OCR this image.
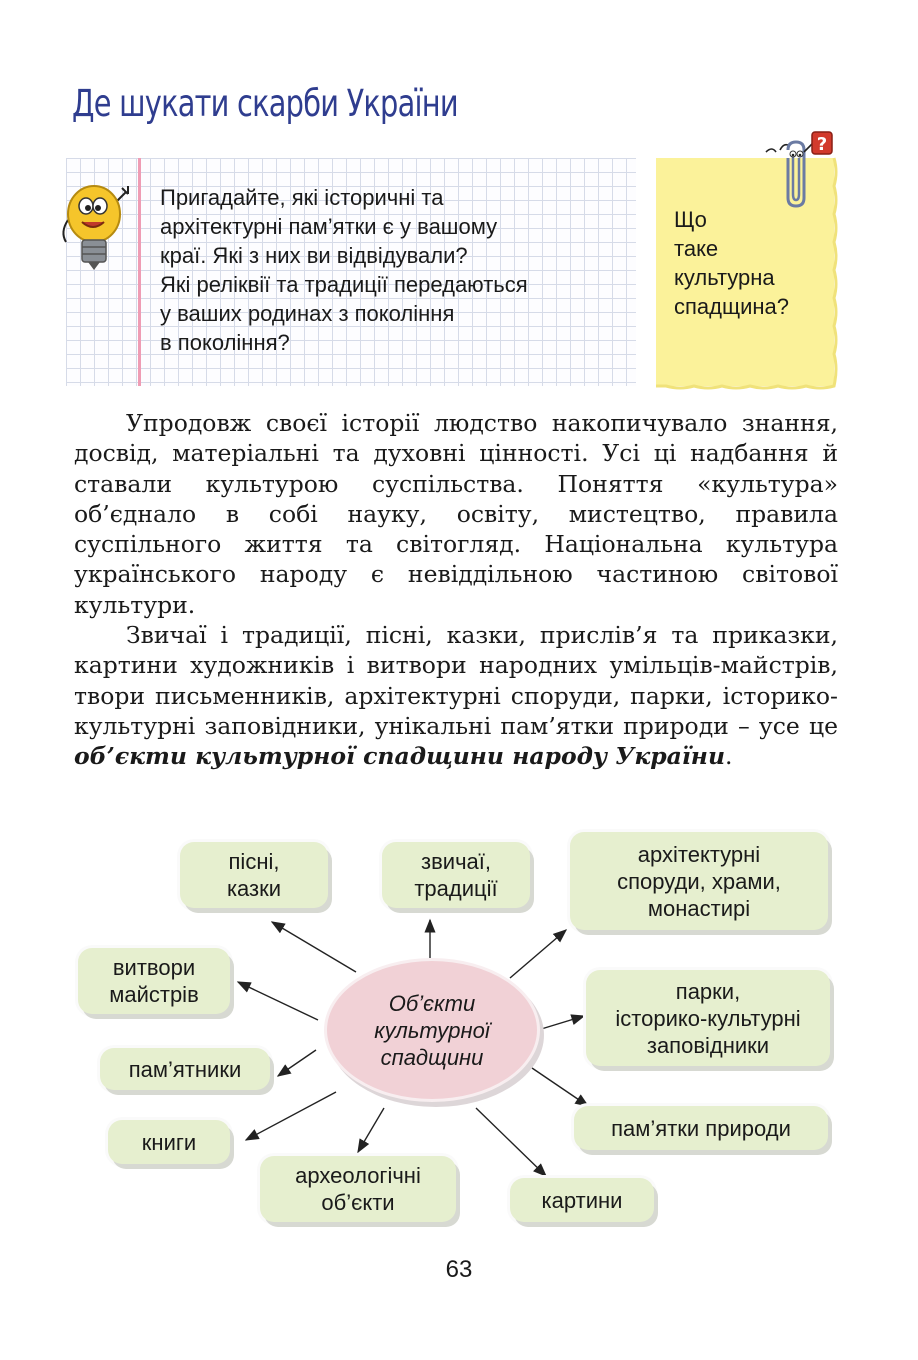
Де шукати скарби України
Пригадайте, які історичні та
архітектурні пам’ятки є у вашому
краї. Які з них ви відвідували?
Які реліквії та традиції передаються
у ваших родинах з покоління
в покоління?
Що
таке
культурна
спадщина?
?

Упродовж своєї історії людство накопичувало знання, досвід, матеріальні та духовні цінності. Усі ці надбання й ставали культурою суспільства. Поняття «культура» об’єднало в собі науку, освіту, мистецтво, правила суспільного життя та світогляд. Національна культура українського народу є невіддільною частиною світової культури.

Звичаї і традиції, пісні, казки, прислів’я та приказки, картини художників і витвори народних умільців-майстрів, твори письменників, архітектурні споруди, парки, історико-культурні заповідники, унікальні пам’ятки природи – усе це об’єкти культурної спадщини народу України.

пісні,
казки
звичаї,
традиції
архітектурні
споруди, храми,
монастирі
витвори
майстрів	парки,
історико-культурні
заповідники
пам’ятники
пам’ятки природи
книги
археологічні
об’єкти	картини
Об’єкти
культурної
спадщини
63
